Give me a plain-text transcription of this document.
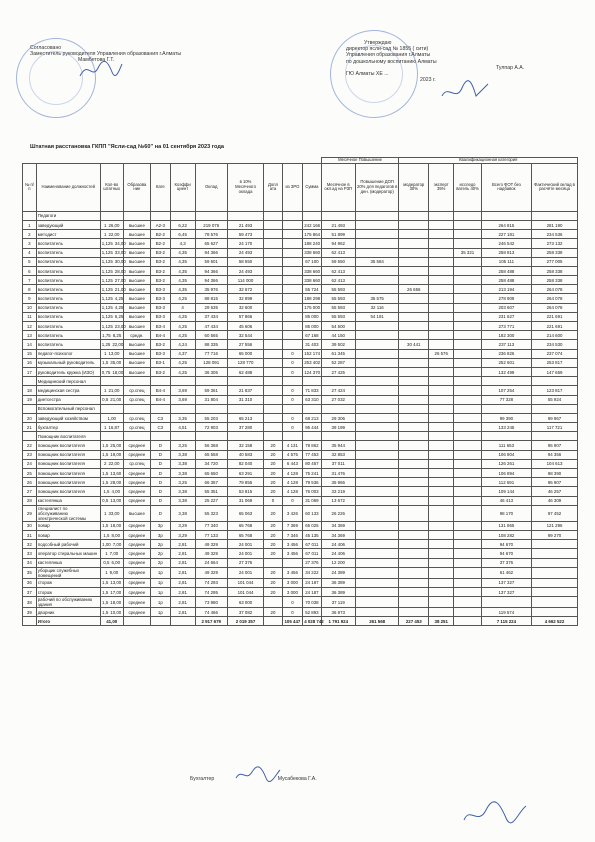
Согласовано
Заместитель руководителя Управления образования г.Алматы
Мамбетова Г.Т.
Утверждаю
директор ясли-сад № 1855 ( сити)
Управления образования г.Алматы
по дошкольному воспитанию Алматы
Тулпар А.А.
ГЮ Алматы ХЕ ...
2023 г.
Штатная расстановка ГКПП "Ясли-сад №60" на 01 сентября 2023 года
											Месячное Повышение		Квалификационная категория				
№ п/п	Наименование должностей	Кол-во штатных	Образова ние	Кате	Коэффи циент	Оклад	в 10% Месячного оклада	Допл ата	из ЗРО	Сумма	Месячное в окл.ад на РЗП	Повышение ДОП 20% для педагогов в ден. (модератор)	модератор 30%	эксперт 35%	исследо ватель 40%	Всего ФОТ без надбавок	Фактический оклад в расчёте месяца
	Педагоги																
1	заведующий	1 26,00	высшее	А2-3	6,22	219 076	21 493			242 166	21 493					264 815	281 190
2	методист	1 22,00	высшее	В2-2	6,45	78 576	59 473			175 864	51 899					227 181	234 536
3	воспитатель	1,125 34,00	высшее	В2-2	4,3	65 627	24 170			188 240	94 962					246 542	273 132
4	воспитатель	1,125 33,00	высшее	В3-2	4,35	94 366	24 493			338 660	62 413				35 321	258 813	258 338
5	воспитатель	1,125 30,00	высшее	В3-2	4,35	59 501	58 550			67 100	59 550	35 584				105 111	277 005
6	воспитатель	1,125 28,00	высшее	В3-2	4,35	94 366	24 493			338 660	62 413					258 488	258 338
7	воспитатель	1,125 27,00	высшее	В3-2	4,35	94 366	114 000			338 660	62 413					258 488	258 338
8	воспитатель	1,125 21,00	высшее	В3-3	4,35	35 976	32 672			55 724	55 593		26 656			213 194	264 078
9	воспитатель	1,125 4,25	высшее	В3-3	4,25	88 815	32 899			188 298	55 593	35 575				278 909	264 078
10	воспитатель	1,125 4,25	высшее	В3-3	4	29 635	32 600			175 000	55 593	32 116				203 607	264 078
11	воспитатель	1,125 6,25	высшее	В3-3	4,25	37 434	57 866			85 000	55 593	54 191				231 627	221 691
12	воспитатель	1,125 23,00	высшее	В3-4	4,25	47 434	45 606			85 000	54 500					273 771	221 691
13	воспитатель	1,75 8,25	средн.	В4-4	4,25	60 565	32 544			67 168	44 150					182 300	214 600
14	воспитатель	1,25 22,00	высшее	В3-2	4,24	88 335	27 556			31 403	39 502		30 441			237 113	234 530
15	педагог-психолог	1 13,00	высшее	В3-3	4,37	77 716	65 000		0	152 174	61 345			26 576		236 826	237 074
16	музыкальный руководитель	1,5 35,00	высшее	В3-1	4,25	128 091	128 770		0	253 402	52 287					252 601	253 817
17	руководитель кружка (ИЗО)	0,75 18,00	высшее	В3-2	4,25	36 305	62 488		0	124 370	27 425					132 499	147 659
	Медицинский персонал																
18	медицинская сестра	1 21,00	ср.спец	В4-4	3,69	59 361	21 837		0	71 833	27 424					107 254	123 817
19	диетсестра	0,5 21,00	ср.спец	В4-4	3,69	31 804	31 310		0	63 310	27 032					77 328	55 924
	Вспомогательный персонал																
20	заведующий хозяйством	1,00	ср.спец	С3	3,35	55 203	65 213		0	68 213	29 306					99 390	99 967
21	бухгалтер	1 16,87	ср.спец	С3	4,51	72 903	37 280		0	95 444	39 199					133 245	117 721
	Помощник воспитателя																
22	помощник воспитателя	1,5 25,00	среднее	D	3,25	56 368	32 158	20	4 131	78 862	35 944					111 653	95 907
23	помощник воспитателя	1,5 19,00	среднее	D	3,38	65 558	40 583	20	4 575	77 453	32 853					106 804	94 356
24	помощник воспитателя	2 22,00	ср.спец	D	3,38	34 720	82 040	20	6 443	80 457	37 011					126 261	104 613
25	помощник воспитателя	1,5 13,60	среднее	D	3,38	65 650	63 291	20	4 128	75 241	31 476					106 894	98 390
26	помощник воспитателя	1,5 28,00	среднее	D	3,25	66 357	79 855	20	4 128	79 536	35 966					112 591	95 907
27	помощник воспитателя	1,5 4,00	среднее	D	3,38	55 351	53 815	20	4 128	76 003	33 219					109 144	46 257
28	кастелянша	0,5 13,00	среднее	D	3,38	25 227	31 069	0	0	31 069	13 672					46 413	46 309
29	специалист по обслуживанию электрической системы	1 33,00	высшее	D	3,38	55 323	65 063	20	3 426	60 133	26 226					98 170	97 452
30	повар	1,5 18,00	среднее	3р	3,29	77 340	65 768	20	7 369	65 025	34 369					131 865	121 296
31	повар	1,5 8,00	среднее	3р	3,29	77 133	65 768	20	7 346	45 135	34 369					108 282	99 270
32	подсобный рабочий	1,00 7,00	среднее	2р	2,81	49 329	24 001	20	3 456	67 011	24 406					94 670	
33	оператор стиральных машин	1 7,00	среднее	2р	2,81	49 329	24 001	20	3 456	67 011	24 406					94 670	
34	кастелянша	0,5 6,00	среднее	2р	2,81	24 664	27 376			27 376	12 200					37 376	
35	уборщик служебных помещений	1 9,00	среднее	1р	2,81	49 329	24 001	20	3 456	34 222	24 389					61 462	
36	сторож	1,5 13,00	среднее	1р	2,81	74 293	101 044	20	3 000	24 187	36 389					137 327	
37	сторож	1,5 17,00	среднее	1р	2,81	74 295	101 044	20	3 000	24 187	36 389					137 327	
38	рабочий по обслуживанию здания	1,5 18,00	среднее	1р	2,81	73 980	63 000		0	70 038	37 119						
39	дворник	1,5 10,00	среднее	1р	2,81	74 466	37 082	20	0	52 893	36 973					119 574	
	Итого	41,00				2 917 679	2 019 357		105 447	4 028 742	1 791 924	261 568	227 453	38 251		7 115 224	4 662 522
Бухгалтер	Мусабекова Г.А.
